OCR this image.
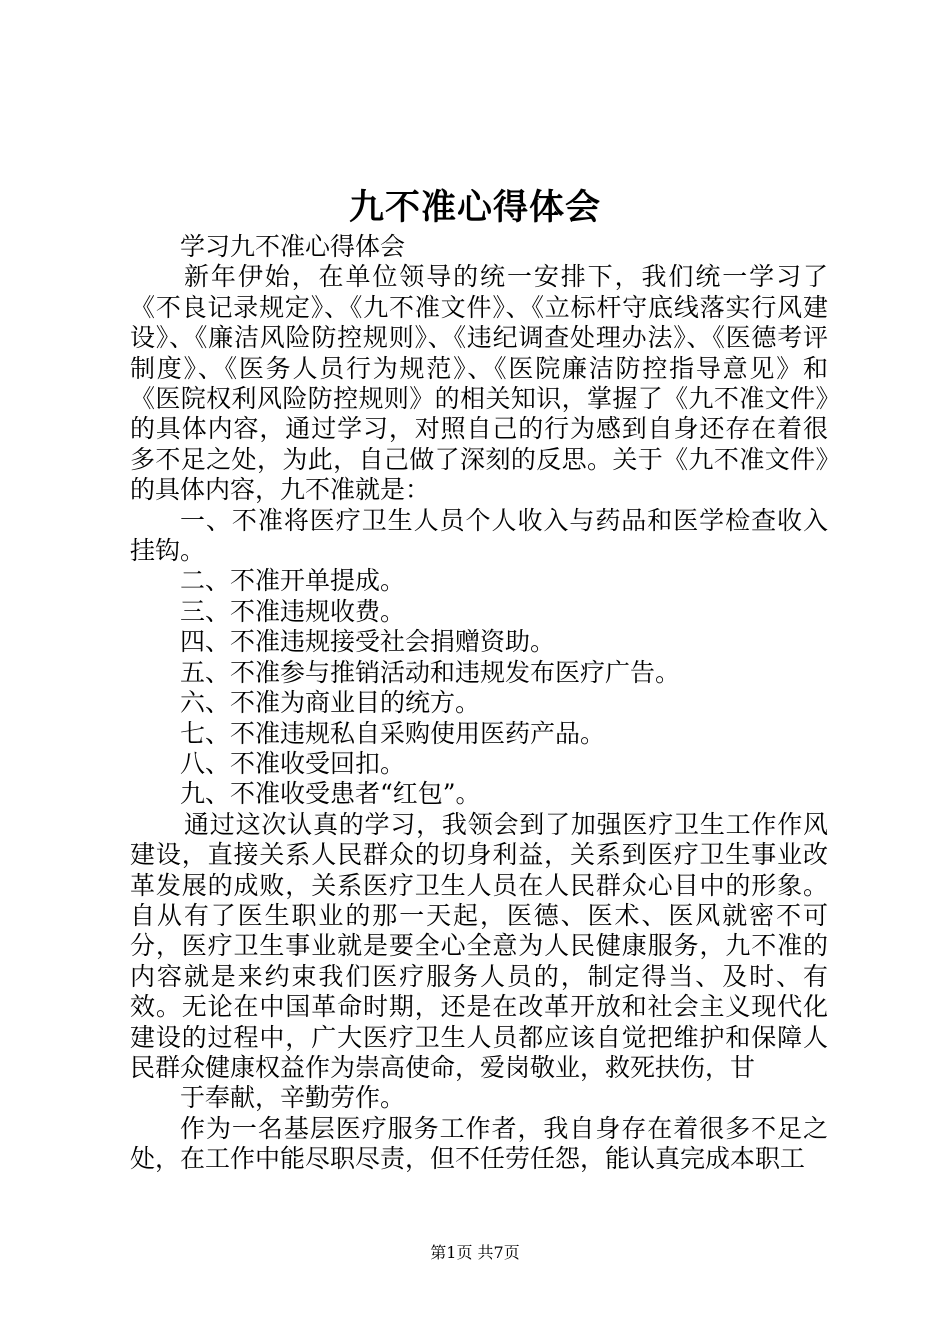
九不准心得体会

学习九不准心得体会

新年伊始，在单位领导的统一安排下，我们统一学习了《不良记录规定》、《九不准文件》、《立标杆守底线落实行风建设》、《廉洁风险防控规则》、《违纪调查处理办法》、《医德考评制度》、《医务人员行为规范》、《医院廉洁防控指导意见》和《医院权利风险防控规则》的相关知识，掌握了《九不准文件》的具体内容，通过学习，对照自己的行为感到自身还存在着很多不足之处，为此，自己做了深刻的反思。关于《九不准文件》的具体内容，九不准就是：

一、不准将医疗卫生人员个人收入与药品和医学检查收入挂钩。

二、不准开单提成。

三、不准违规收费。

四、不准违规接受社会捐赠资助。

五、不准参与推销活动和违规发布医疗广告。

六、不准为商业目的统方。

七、不准违规私自采购使用医药产品。

八、不准收受回扣。

九、不准收受患者“红包”。

通过这次认真的学习，我领会到了加强医疗卫生工作作风建设，直接关系人民群众的切身利益，关系到医疗卫生事业改革发展的成败，关系医疗卫生人员在人民群众心目中的形象。自从有了医生职业的那一天起，医德、医术、医风就密不可分，医疗卫生事业就是要全心全意为人民健康服务，九不准的内容就是来约束我们医疗服务人员的，制定得当、及时、有效。无论在中国革命时期，还是在改革开放和社会主义现代化建设的过程中，广大医疗卫生人员都应该自觉把维护和保障人民群众健康权益作为崇高使命，爱岗敬业，救死扶伤，甘

于奉献，辛勤劳作。

作为一名基层医疗服务工作者，我自身存在着很多不足之处，在工作中能尽职尽责，但不任劳任怨，能认真完成本职工

第1页 共7页
